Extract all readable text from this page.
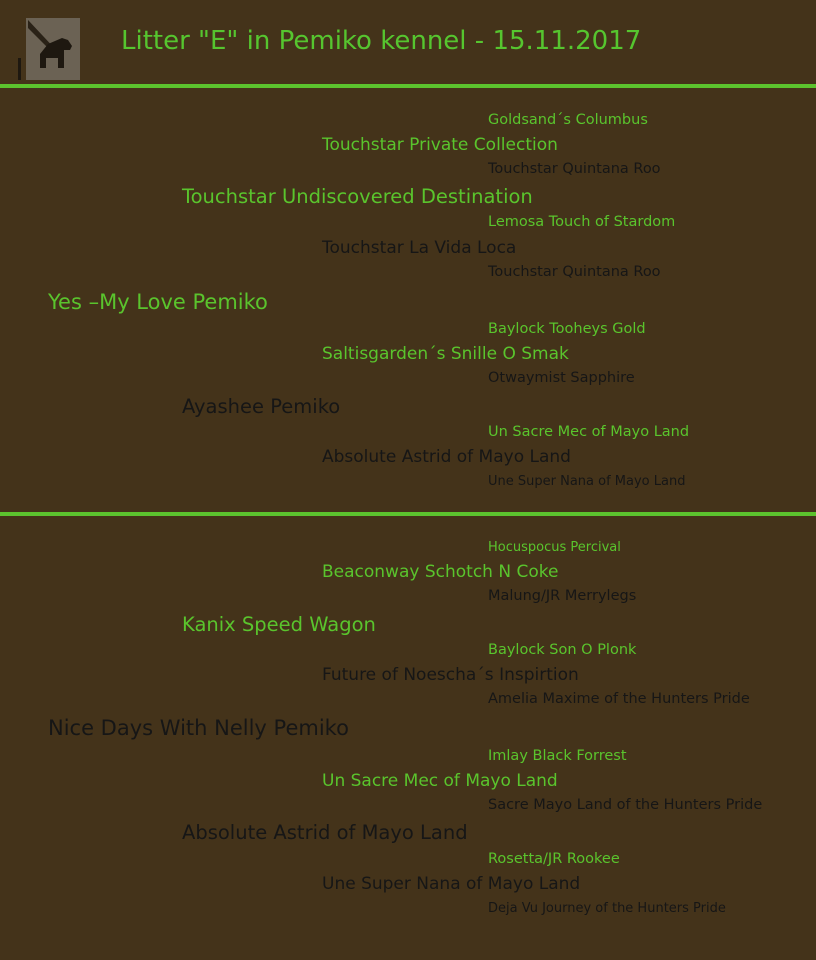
Litter "E" in Pemiko kennel - 15.11.2017
Goldsand´s Columbus
Touchstar Private Collection
Touchstar Quintana Roo
Touchstar Undiscovered Destination
Lemosa Touch of Stardom
Touchstar La Vida Loca
Touchstar Quintana Roo
Yes –My Love Pemiko
Baylock Tooheys Gold
Saltisgarden´s Snille O Smak
Otwaymist Sapphire
Ayashee Pemiko
Un Sacre Mec of Mayo Land
Absolute Astrid of Mayo Land
Une Super Nana of Mayo Land
Hocuspocus Percival
Beaconway Schotch N Coke
Malung/JR Merrylegs
Kanix Speed Wagon
Baylock Son O Plonk
Future of Noescha´s Inspirtion
Amelia Maxime of the Hunters Pride
Nice Days With Nelly Pemiko
Imlay Black Forrest
Un Sacre Mec of Mayo Land
Sacre Mayo Land of the Hunters Pride
Absolute Astrid of Mayo Land
Rosetta/JR Rookee
Une Super Nana of Mayo Land
Deja Vu Journey of the Hunters Pride
